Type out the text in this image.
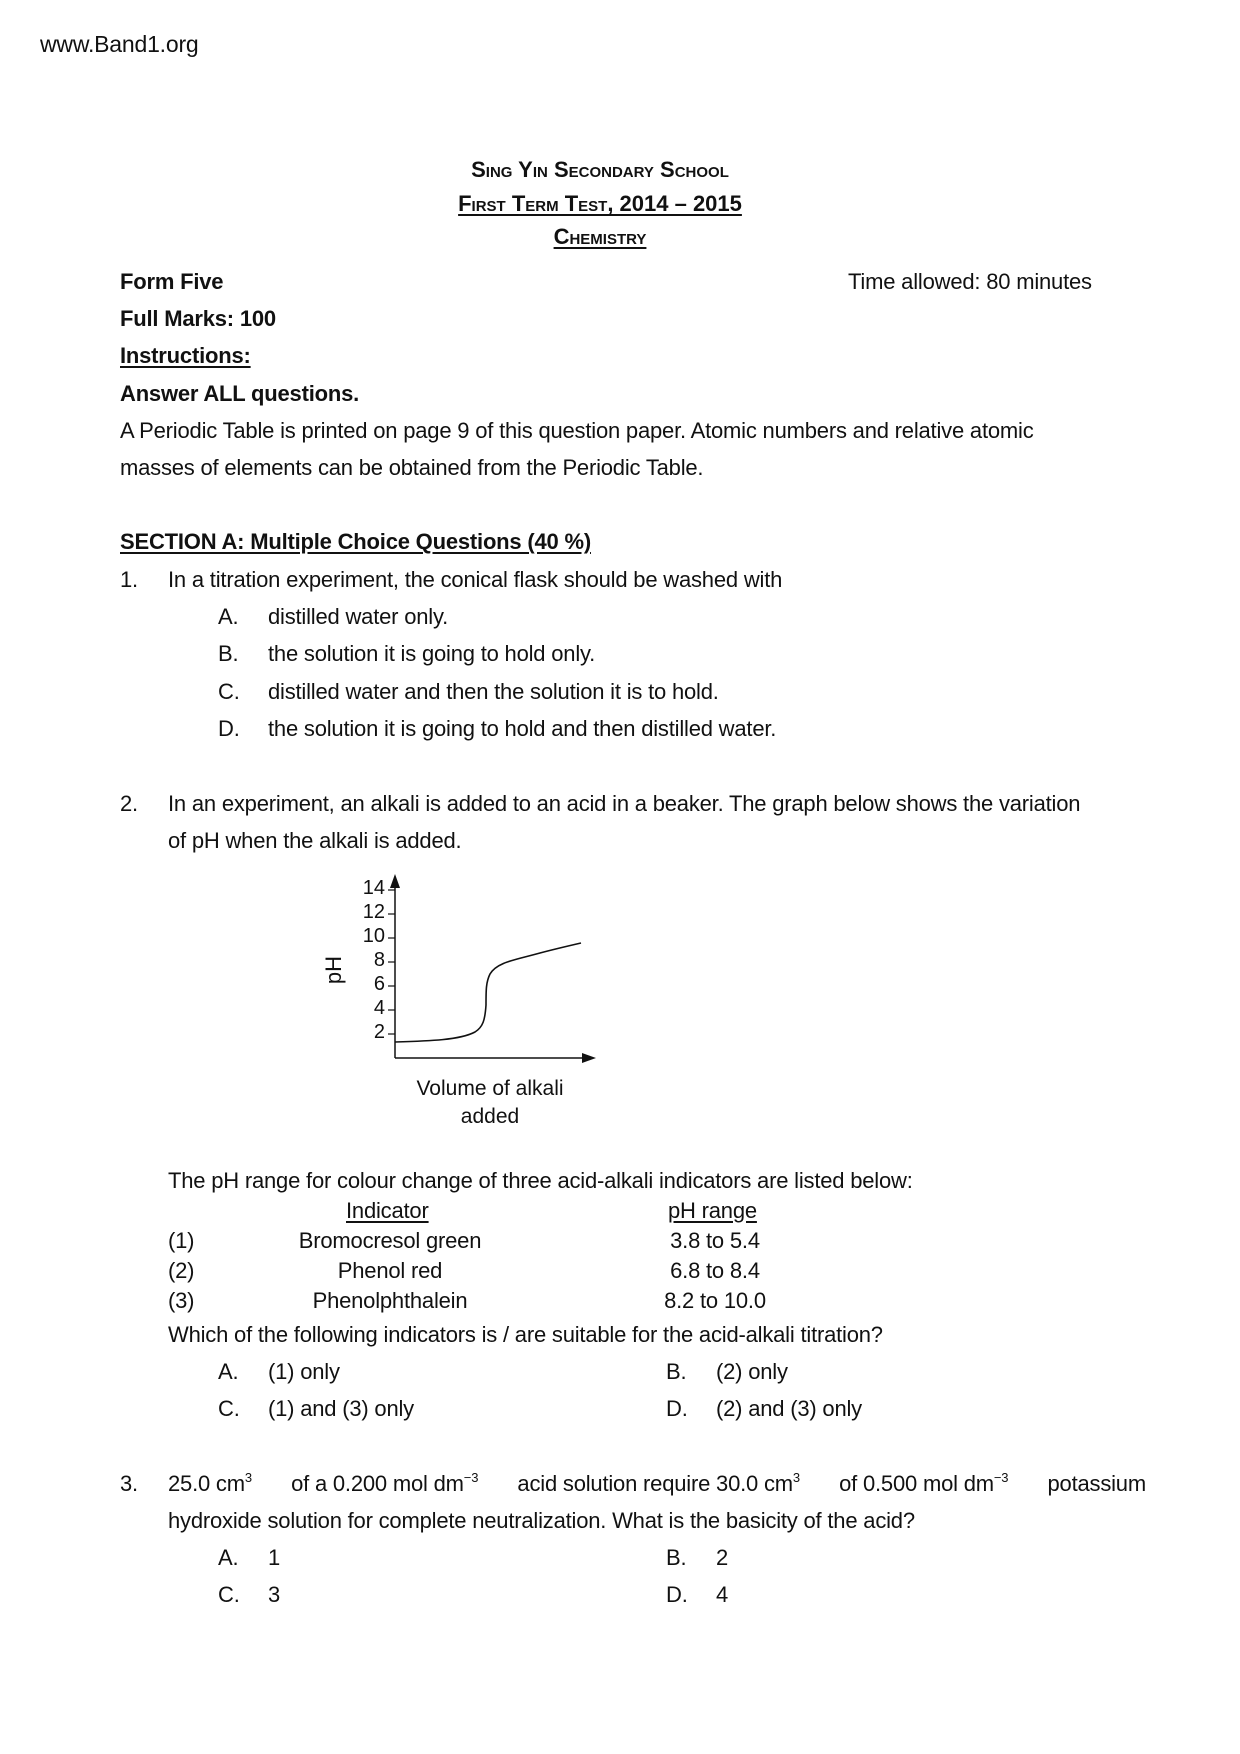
www.Band1.org
Sing Yin Secondary School
First Term Test, 2014 – 2015
Chemistry
Form Five	Time allowed: 80 minutes
Full Marks: 100
Instructions:
Answer ALL questions.
A Periodic Table is printed on page 9 of this question paper. Atomic numbers and relative atomic
masses of elements can be obtained from the Periodic Table.
SECTION A: Multiple Choice Questions (40 %)
1. In a titration experiment, the conical flask should be washed with
A. distilled water only.
B. the solution it is going to hold only.
C. distilled water and then the solution it is to hold.
D. the solution it is going to hold and then distilled water.
2. In an experiment, an alkali is added to an acid in a beaker. The graph below shows the variation
of pH when the alkali is added.
14
12
10
8
6
4
2
pH
Volume of alkali added
The pH range for colour change of three acid-alkali indicators are listed below:
Indicator	pH range
(1)	Bromocresol green	3.8 to 5.4
(2)	Phenol red	6.8 to 8.4
(3)	Phenolphthalein	8.2 to 10.0
Which of the following indicators is / are suitable for the acid-alkali titration?
A. (1) only	B. (2) only
C. (1) and (3) only	D. (2) and (3) only
3. 25.0 $cm^3$ of a 0.200 mol $dm^{-3}$ acid solution require 30.0 $cm^3$ of 0.500 mol $dm^{-3}$ potassium
hydroxide solution for complete neutralization. What is the basicity of the acid?
A. 1	B. 2
C. 3	D. 4
